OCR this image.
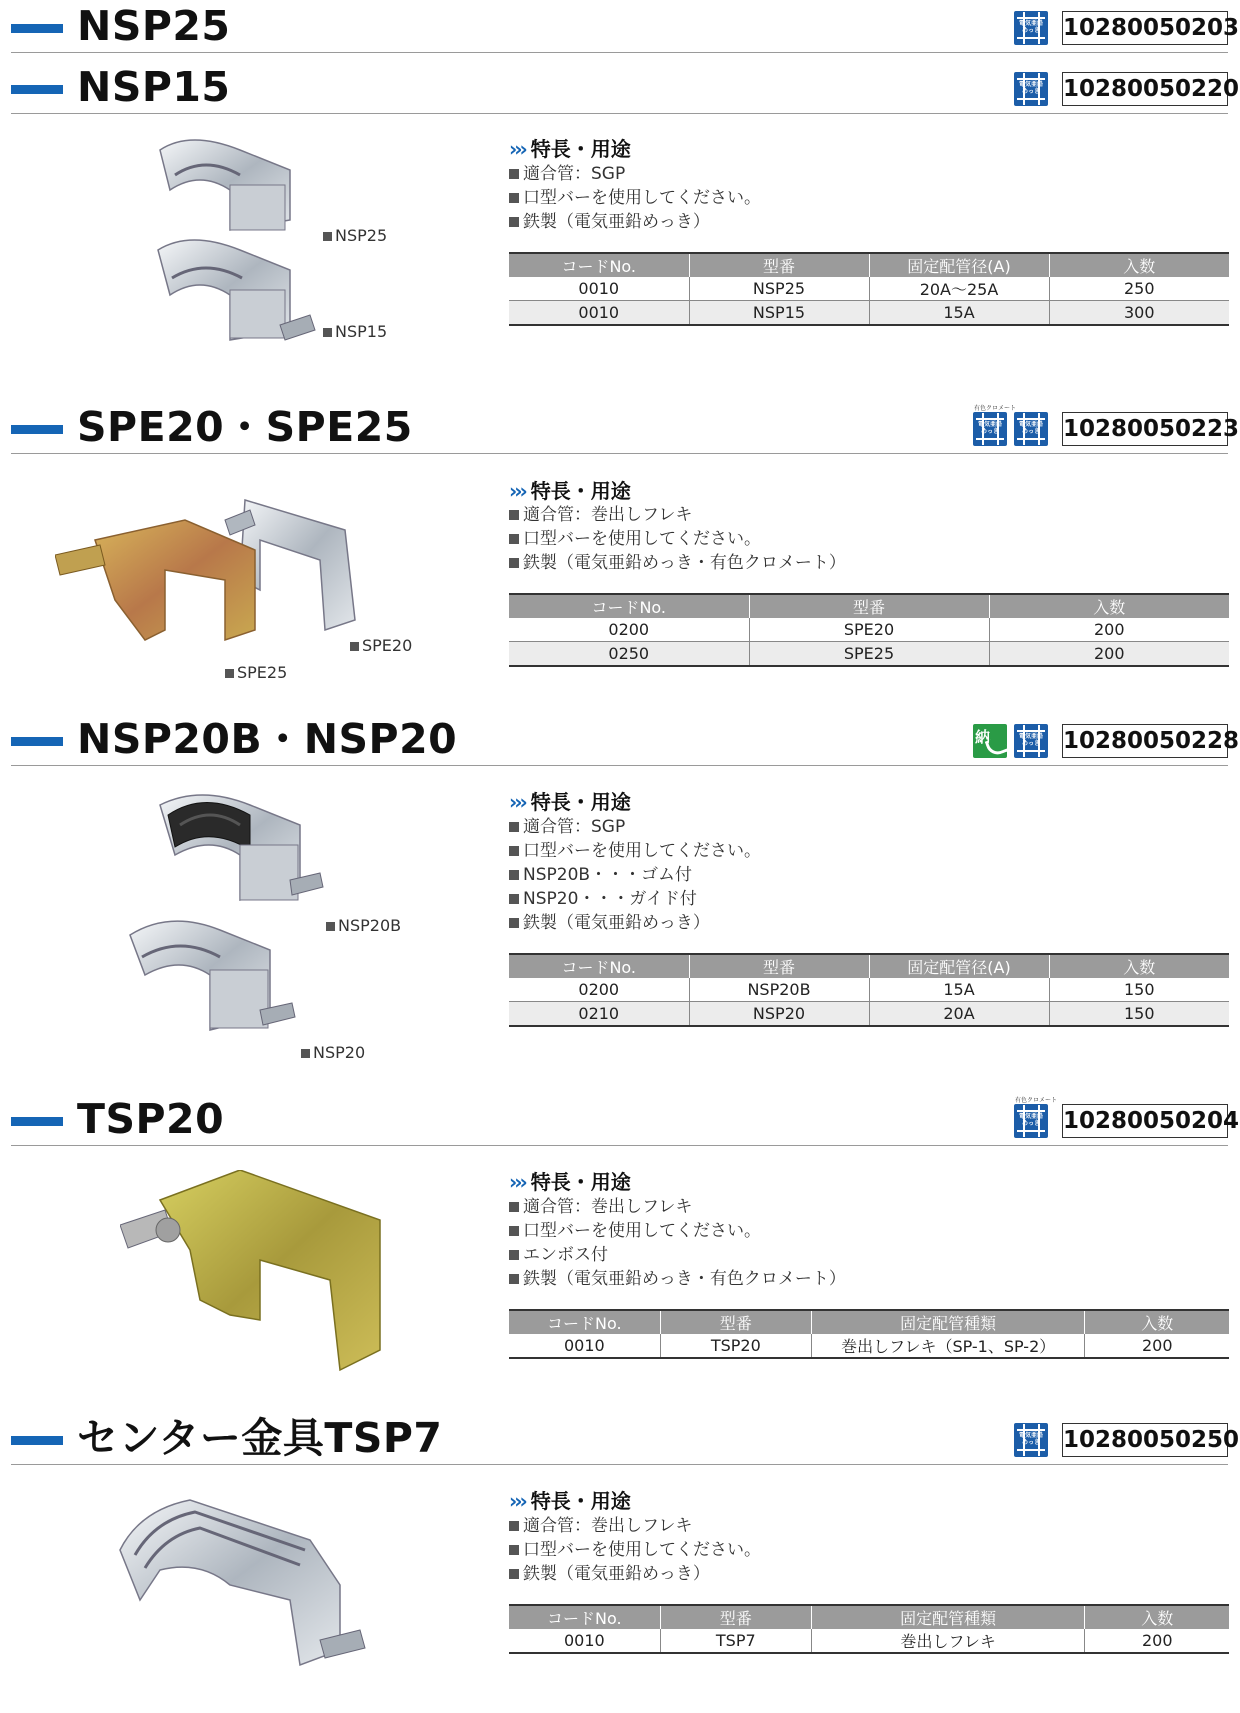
NSP25	電気亜鉛めっき 10280050203
NSP15	電気亜鉛めっき 10280050220
NSP25
NSP15
››› 特長・用途
適合管：SGP
口型バーを使用してください。
鉄製（電気亜鉛めっき）
コードNo.	型番	固定配管径(A)	入数
0010	NSP25	20A～25A	250
0010	NSP15	15A	300
SPE20・SPE25	有色クロメート
電気亜鉛めっき
電気亜鉛めっき 10280050223
SPE20
SPE25
››› 特長・用途
適合管：巻出しフレキ
口型バーを使用してください。
鉄製（電気亜鉛めっき・有色クロメート）
コードNo.	型番	入数
0200	SPE20	200
0250	SPE25	200
NSP20B・NSP20	納	電気亜鉛めっき 10280050228
NSP20B
NSP20
››› 特長・用途
適合管：SGP
口型バーを使用してください。
NSP20B・・・ゴム付
NSP20・・・ガイド付
鉄製（電気亜鉛めっき）
コードNo.	型番	固定配管径(A)	入数
0200	NSP20B	15A	150
0210	NSP20	20A	150
TSP20	有色クロメート
電気亜鉛めっき 10280050204
››› 特長・用途
適合管：巻出しフレキ
口型バーを使用してください。
エンボス付
鉄製（電気亜鉛めっき・有色クロメート）
コードNo.	型番	固定配管種類	入数
0010	TSP20	巻出しフレキ（SP-1、SP-2）	200
センター金具TSP7	電気亜鉛めっき 10280050250
››› 特長・用途
適合管：巻出しフレキ
口型バーを使用してください。
鉄製（電気亜鉛めっき）
コードNo.	型番	固定配管種類	入数
0010	TSP7	巻出しフレキ	200
